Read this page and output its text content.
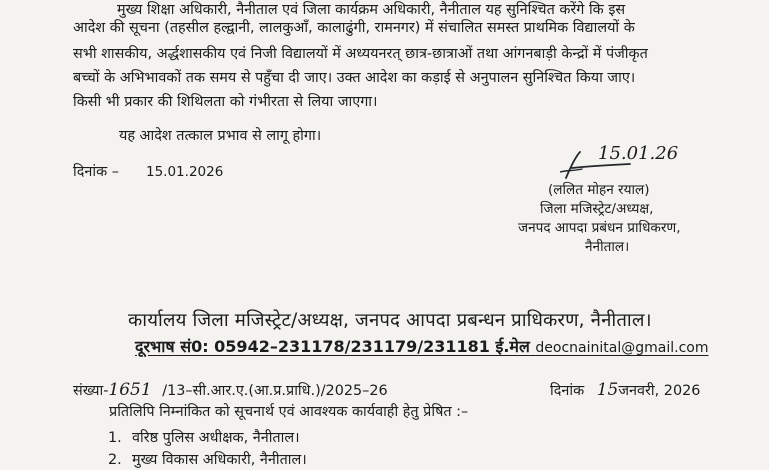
मुख्य शिक्षा अधिकारी, नैनीताल एवं जिला कार्यक्रम अधिकारी, नैनीताल यह सुनिश्चित करेंगे कि इस
आदेश की सूचना (तहसील हल्द्वानी, लालकुआँ, कालाढुंगी, रामनगर) में संचालित समस्त प्राथमिक विद्यालयों के
सभी शासकीय, अर्द्धशासकीय एवं निजी विद्यालयों में अध्ययनरत् छात्र-छात्राओं तथा आंगनबाड़ी केन्द्रों में पंजीकृत
बच्चों के अभिभावकों तक समय से पहुँचा दी जाए। उक्त आदेश का कड़ाई से अनुपालन सुनिश्चित किया जाए।
किसी भी प्रकार की शिथिलता को गंभीरता से लिया जाएगा।
यह आदेश तत्काल प्रभाव से लागू होगा।
दिनांक – 15.01.2026
15.01.26
(ललित मोहन रयाल)
जिला मजिस्ट्रेट/अध्यक्ष,
जनपद आपदा प्रबंधन प्राधिकरण,
नैनीताल।
कार्यालय जिला मजिस्ट्रेट/अध्यक्ष, जनपद आपदा प्रबन्धन प्राधिकरण, नैनीताल।
दूरभाष सं0: 05942–231178/231179/231181 ई.मेल deocnainital@gmail.com
संख्या-1651 /13–सी.आर.ए.(आ.प्र.प्राधि.)/2025–26	दिनांक 15जनवरी, 2026
प्रतिलिपि निम्नांकित को सूचनार्थ एवं आवश्यक कार्यवाही हेतु प्रेषित :–
1. वरिष्ठ पुलिस अधीक्षक, नैनीताल।
2. मुख्य विकास अधिकारी, नैनीताल।
